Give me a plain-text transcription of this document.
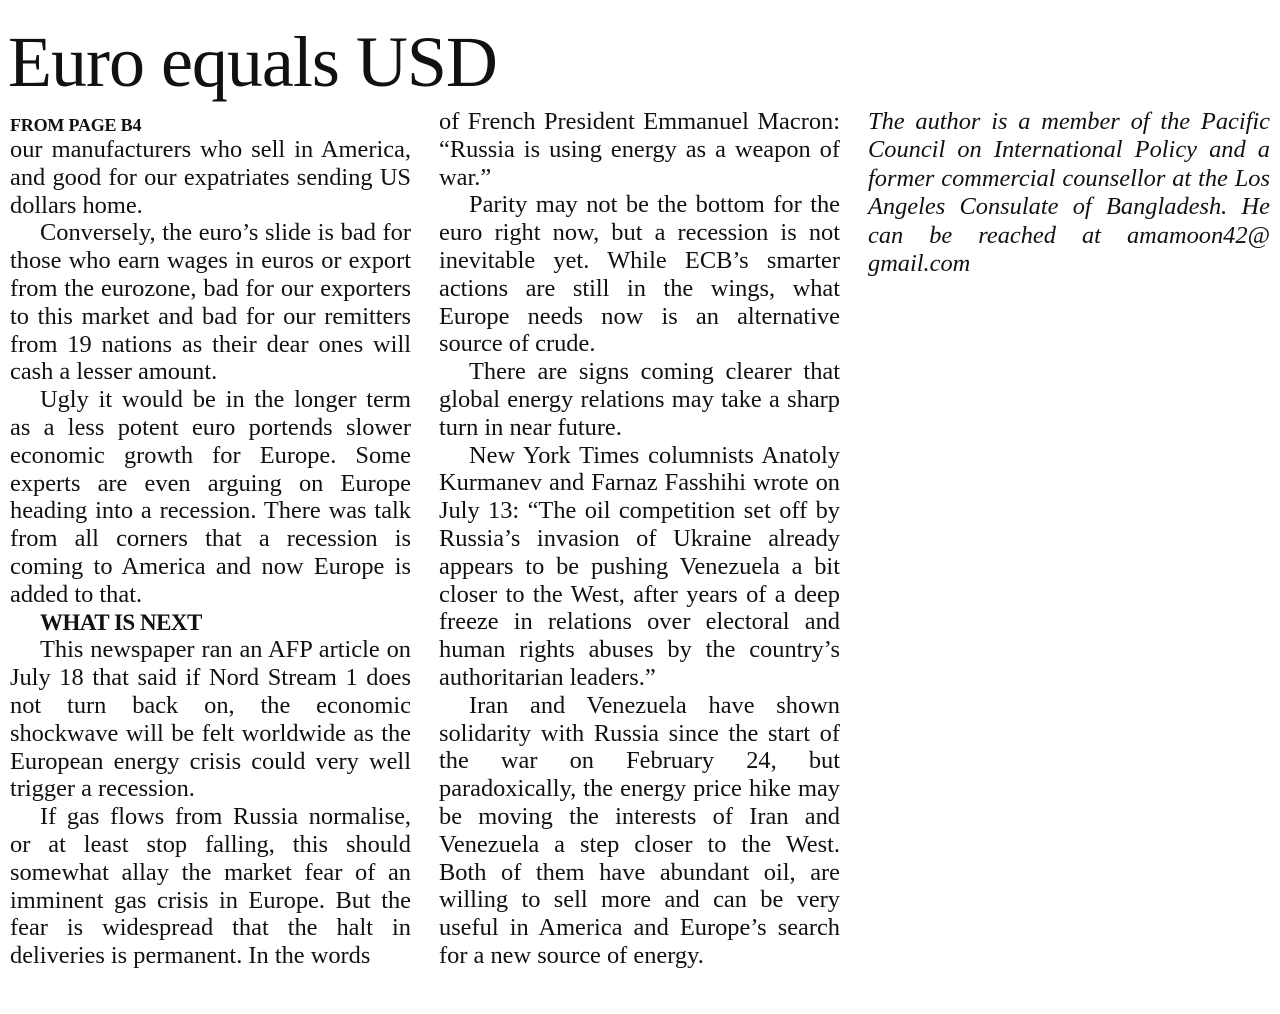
Euro equals USD
FROM PAGE B4

our manufacturers who sell in America, and good for our expatriates sending US dollars home.

Conversely, the euro’s slide is bad for those who earn wages in euros or export from the eurozone, bad for our exporters to this market and bad for our remitters from 19 nations as their dear ones will cash a lesser amount.

Ugly it would be in the longer term as a less potent euro portends slower economic growth for Europe. Some experts are even arguing on Europe heading into a recession. There was talk from all corners that a recession is coming to America and now Europe is added to that.

WHAT IS NEXT

This newspaper ran an AFP article on July 18 that said if Nord Stream 1 does not turn back on, the economic shockwave will be felt worldwide as the European energy crisis could very well trigger a recession.

If gas flows from Russia normalise, or at least stop falling, this should somewhat allay the market fear of an imminent gas crisis in Europe. But the fear is widespread that the halt in deliveries is permanent. In the words

of French President Emmanuel Macron: “Russia is using energy as a weapon of war.”

Parity may not be the bottom for the euro right now, but a recession is not inevitable yet. While ECB’s smarter actions are still in the wings, what Europe needs now is an alternative source of crude.

There are signs coming clearer that global energy relations may take a sharp turn in near future.

New York Times columnists Anatoly Kurmanev and Farnaz Fasshihi wrote on July 13: “The oil competition set off by Russia’s invasion of Ukraine already appears to be pushing Venezuela a bit closer to the West, after years of a deep freeze in relations over electoral and human rights abuses by the country’s authoritarian leaders.”

Iran and Venezuela have shown solidarity with Russia since the start of the war on February 24, but paradoxically, the energy price hike may be moving the interests of Iran and Venezuela a step closer to the West. Both of them have abundant oil, are willing to sell more and can be very useful in America and Europe’s search for a new source of energy.

The author is a member of the Pacific Council on International Policy and a former commercial counsellor at the Los Angeles Consulate of Bangladesh. He can be reached at amamoon42@ gmail.com
